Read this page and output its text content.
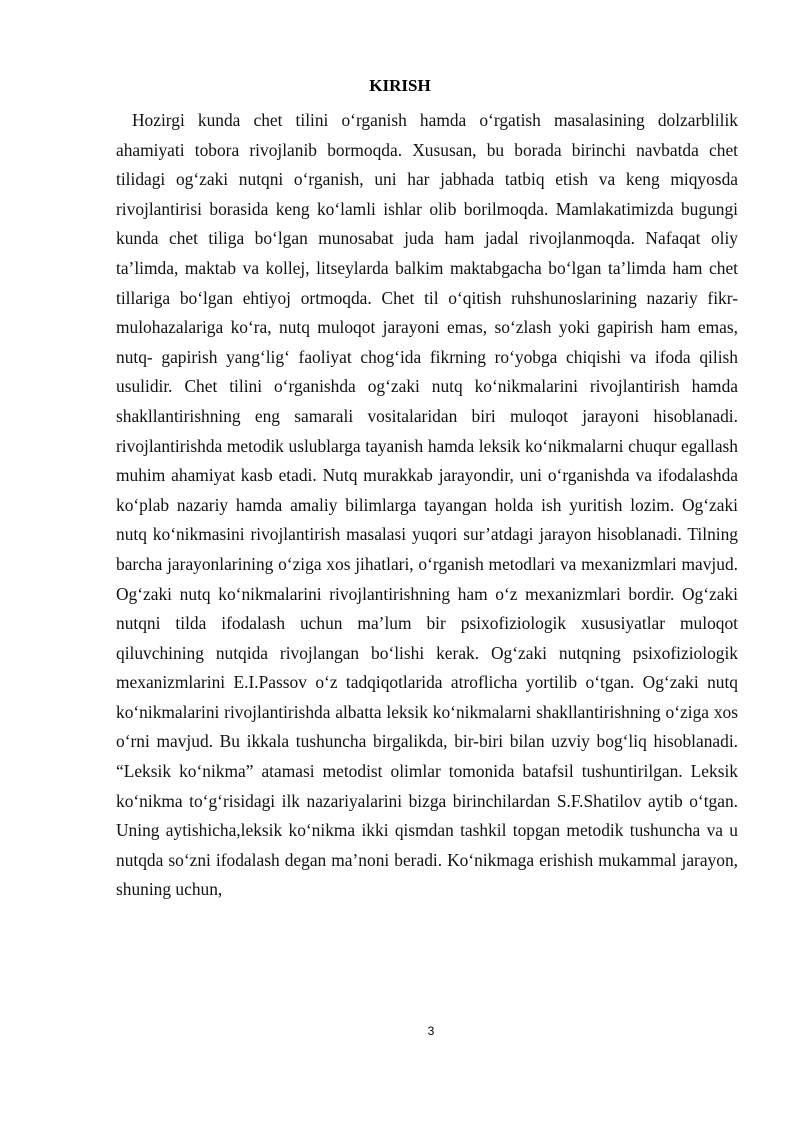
KIRISH

Hozirgi kunda chet tilini o‘rganish hamda o‘rgatish masalasining dolzarblilik ahamiyati tobora rivojlanib bormoqda. Xususan, bu borada birinchi navbatda chet tilidagi og‘zaki nutqni o‘rganish, uni har jabhada tatbiq etish va keng miqyosda rivojlantirisi borasida keng ko‘lamli ishlar olib borilmoqda. Mamlakatimizda bugungi kunda chet tiliga bo‘lgan munosabat juda ham jadal rivojlanmoqda. Nafaqat oliy ta’limda, maktab va kollej, litseylarda balkim maktabgacha bo‘lgan ta’limda ham chet tillariga bo‘lgan ehtiyoj ortmoqda. Chet til o‘qitish ruhshunoslarining nazariy fikr-mulohazalariga ko‘ra, nutq muloqot jarayoni emas, so‘zlash yoki gapirish ham emas, nutq- gapirish yang‘lig‘ faoliyat chog‘ida fikrning ro‘yobga chiqishi va ifoda qilish usulidir. Chet tilini o‘rganishda og‘zaki nutq ko‘nikmalarini rivojlantirish hamda shakllantirishning eng samarali vositalaridan biri muloqot jarayoni hisoblanadi. rivojlantirishda metodik uslublarga tayanish hamda leksik ko‘nikmalarni chuqur egallash muhim ahamiyat kasb etadi. Nutq murakkab jarayondir, uni o‘rganishda va ifodalashda ko‘plab nazariy hamda amaliy bilimlarga tayangan holda ish yuritish lozim. Og‘zaki nutq ko‘nikmasini rivojlantirish masalasi yuqori sur’atdagi jarayon hisoblanadi. Tilning barcha jarayonlarining o‘ziga xos jihatlari, o‘rganish metodlari va mexanizmlari mavjud. Og‘zaki nutq ko‘nikmalarini rivojlantirishning ham o‘z mexanizmlari bordir. Og‘zaki nutqni tilda ifodalash uchun ma’lum bir psixofiziologik xususiyatlar muloqot qiluvchining nutqida rivojlangan bo‘lishi kerak. Og‘zaki nutqning psixofiziologik mexanizmlarini E.I.Passov o‘z tadqiqotlarida atroflicha yortilib o‘tgan. Og‘zaki nutq ko‘nikmalarini rivojlantirishda albatta leksik ko‘nikmalarni shakllantirishning o‘ziga xos o‘rni mavjud. Bu ikkala tushuncha birgalikda, bir-biri bilan uzviy bog‘liq hisoblanadi. “Leksik ko‘nikma” atamasi metodist olimlar tomonida batafsil tushuntirilgan. Leksik ko‘nikma to‘g‘risidagi ilk nazariyalarini bizga birinchilardan S.F.Shatilov aytib o‘tgan. Uning aytishicha,leksik ko‘nikma ikki qismdan tashkil topgan metodik tushuncha va u nutqda so‘zni ifodalash degan ma’noni beradi. Ko‘nikmaga erishish mukammal jarayon, shuning uchun,

3
